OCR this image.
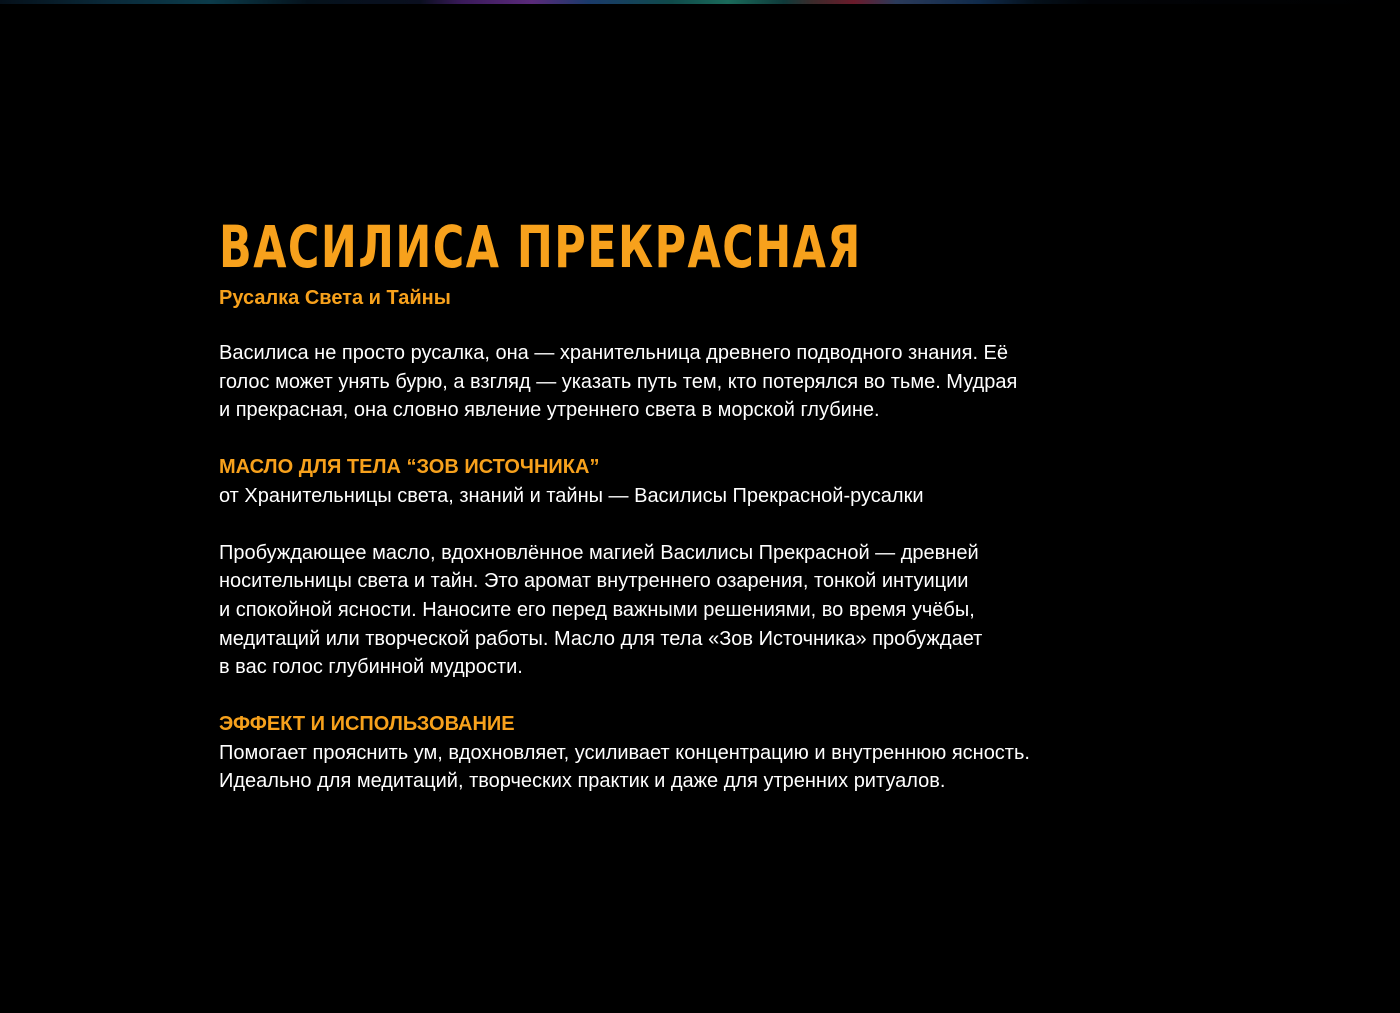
ВАСИЛИСА ПРЕКРАСНАЯ

Русалка Света и Тайны

Василиса не просто русалка, она — хранительница древнего подводного знания. Её
голос может унять бурю, а взгляд — указать путь тем, кто потерялся во тьме. Мудрая
и прекрасная, она словно явление утреннего света в морской глубине.

МАСЛО ДЛЯ ТЕЛА “ЗОВ ИСТОЧНИКА”

от Хранительницы света, знаний и тайны — Василисы Прекрасной-русалки

Пробуждающее масло, вдохновлённое магией Василисы Прекрасной — древней
носительницы света и тайн. Это аромат внутреннего озарения, тонкой интуиции
и спокойной ясности. Наносите его перед важными решениями, во время учёбы,
медитаций или творческой работы. Масло для тела «Зов Источника» пробуждает
в вас голос глубинной мудрости.

ЭФФЕКТ И ИСПОЛЬЗОВАНИЕ

Помогает прояснить ум, вдохновляет, усиливает концентрацию и внутреннюю ясность.
Идеально для медитаций, творческих практик и даже для утренних ритуалов.
